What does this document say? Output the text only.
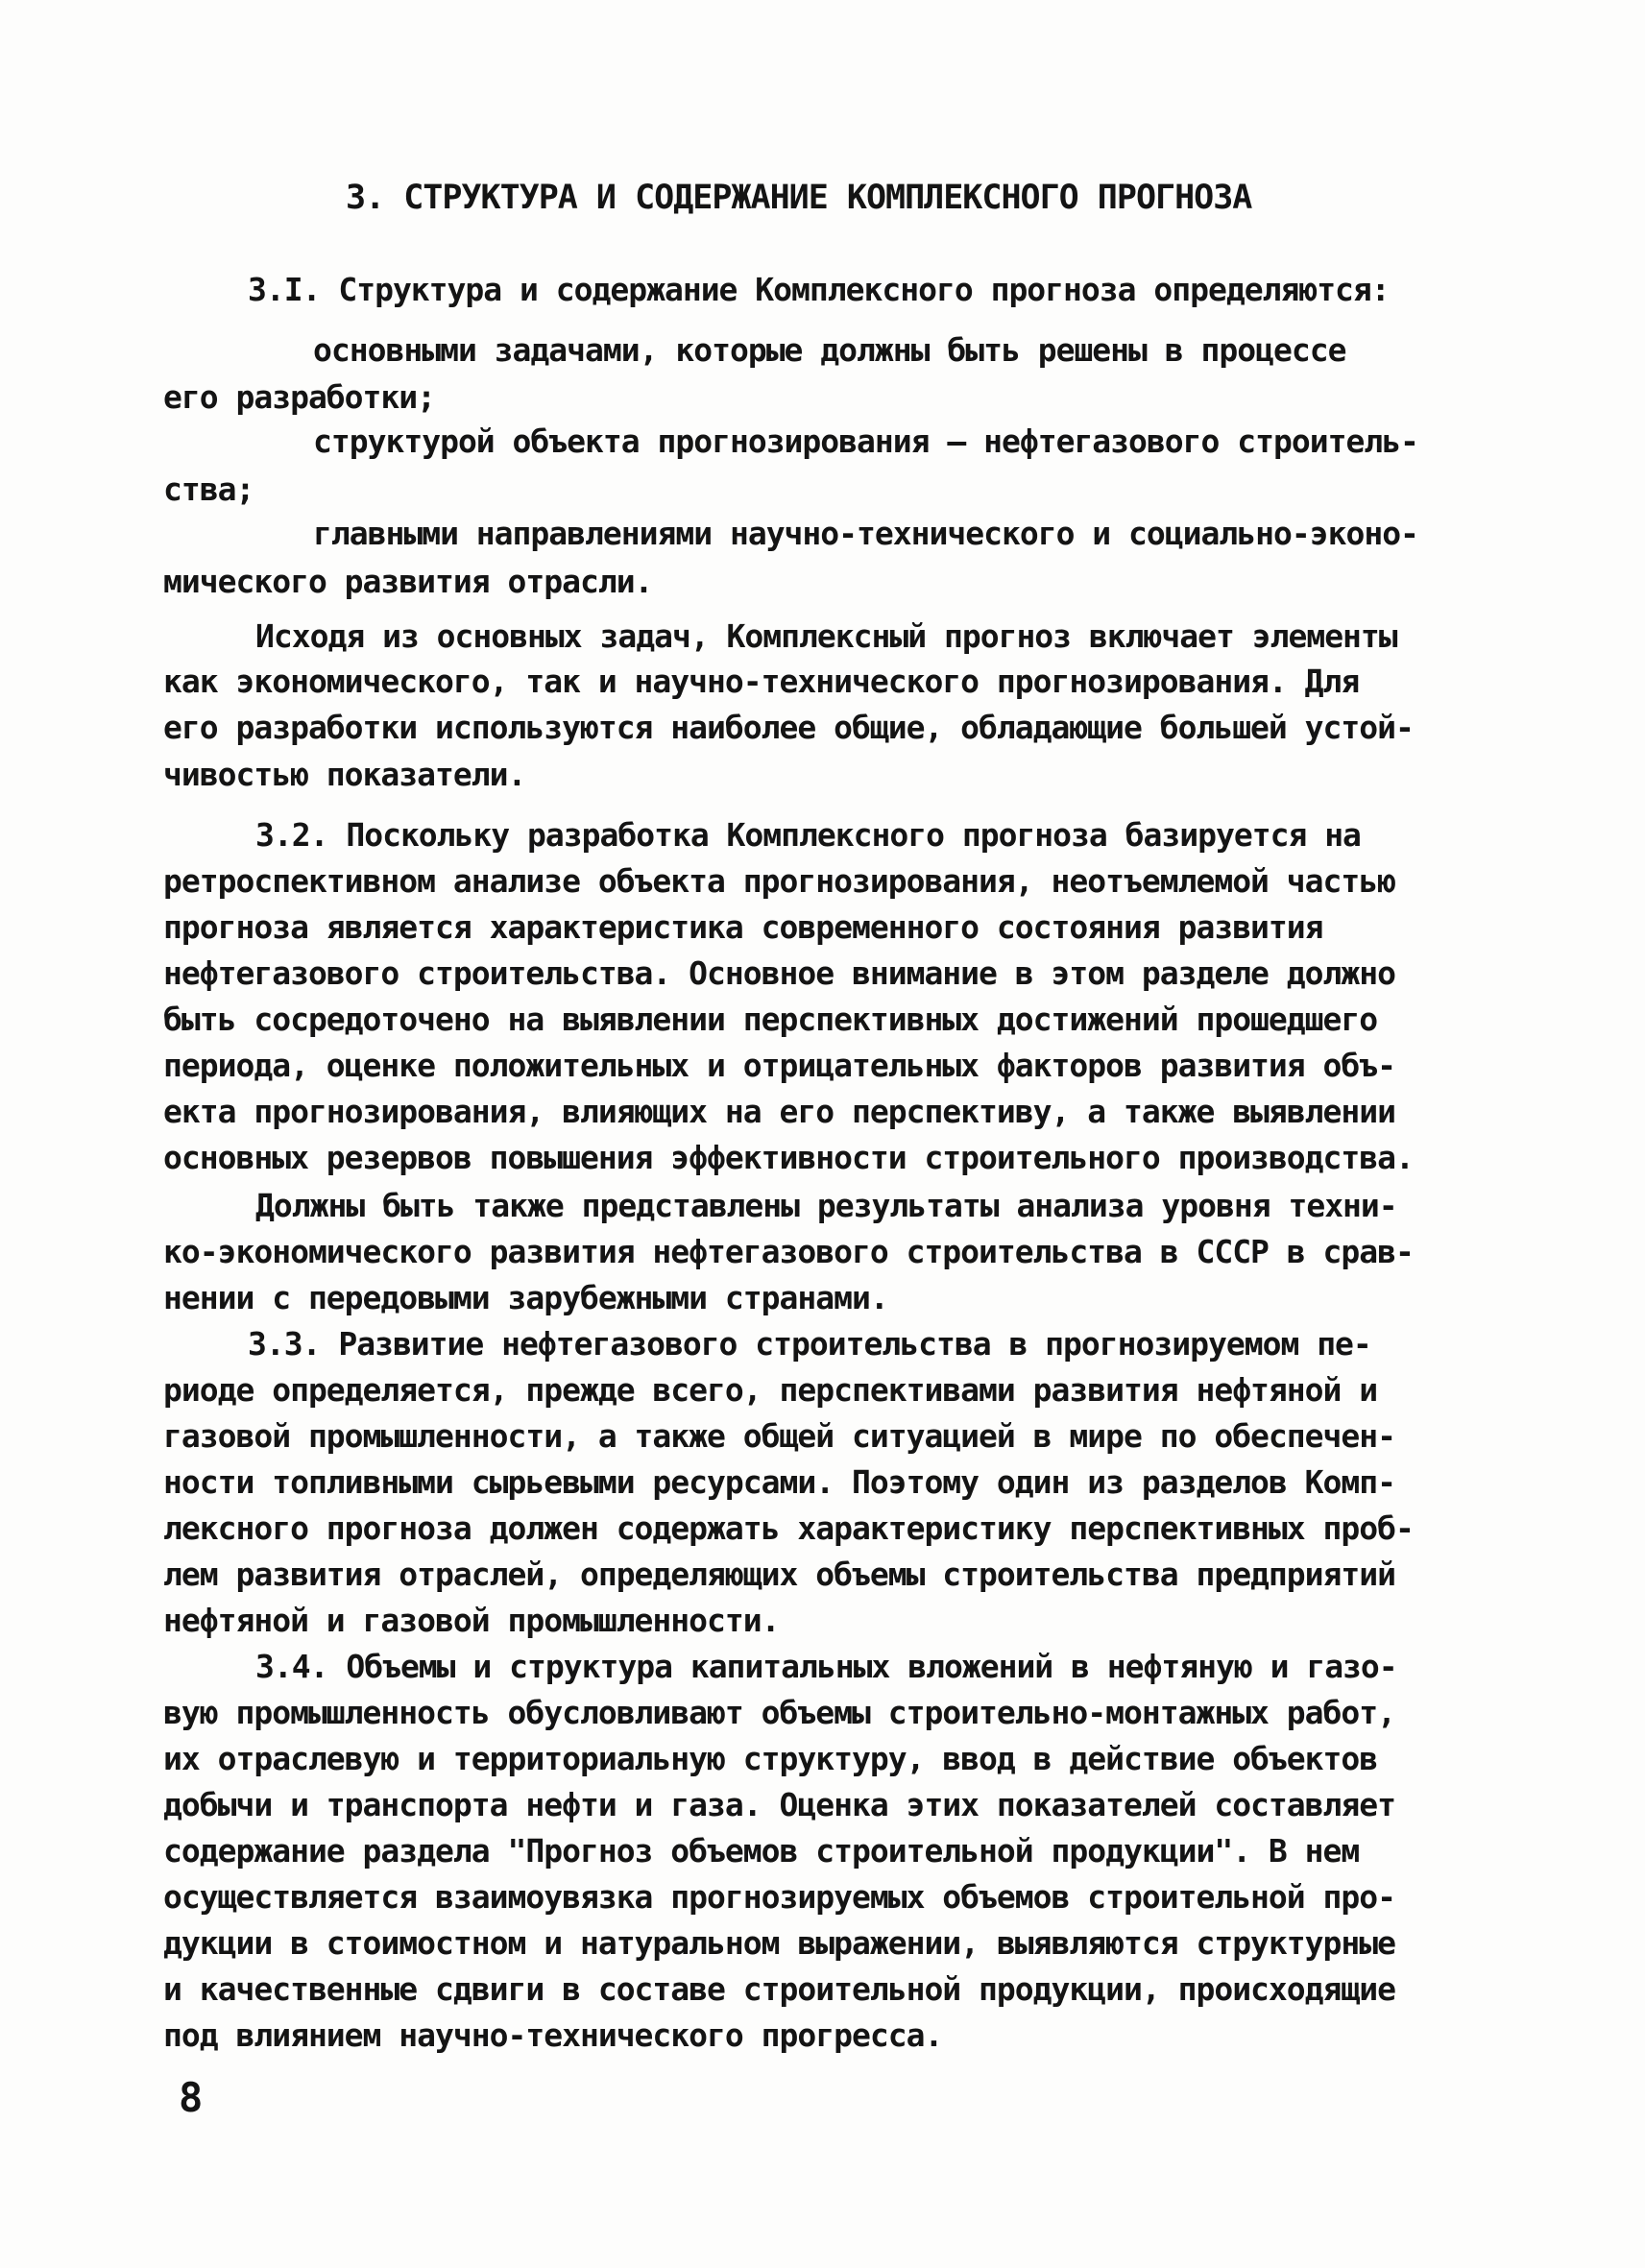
3. СТРУКТУРА И СОДЕРЖАНИЕ КОМПЛЕКСНОГО ПРОГНОЗА
3.I. Структура и содержание Комплексного прогноза определяются:
основными задачами, которые должны быть решены в процессе
его разработки;
структурой объекта прогнозирования – нефтегазового строитель-
ства;
главными направлениями научно-технического и социально-эконо-
мического развития отрасли.
Исходя из основных задач, Комплексный прогноз включает элементы
как экономического, так и научно-технического прогнозирования. Для
его разработки используются наиболее общие, обладающие большей устой-
чивостью показатели.
3.2. Поскольку разработка Комплексного прогноза базируется на
ретроспективном анализе объекта прогнозирования, неотъемлемой частью
прогноза является характеристика современного состояния развития
нефтегазового строительства. Основное внимание в этом разделе должно
быть сосредоточено на выявлении перспективных достижений прошедшего
периода, оценке положительных и отрицательных факторов развития объ-
екта прогнозирования, влияющих на его перспективу, а также выявлении
основных резервов повышения эффективности строительного производства.
Должны быть также представлены результаты анализа уровня техни-
ко-экономического развития нефтегазового строительства в СССР в срав-
нении с передовыми зарубежными странами.
3.3. Развитие нефтегазового строительства в прогнозируемом пе-
риоде определяется, прежде всего, перспективами развития нефтяной и
газовой промышленности, а также общей ситуацией в мире по обеспечен-
ности топливными сырьевыми ресурсами. Поэтому один из разделов Комп-
лексного прогноза должен содержать характеристику перспективных проб-
лем развития отраслей, определяющих объемы строительства предприятий
нефтяной и газовой промышленности.
3.4. Объемы и структура капитальных вложений в нефтяную и газо-
вую промышленность обусловливают объемы строительно-монтажных работ,
их отраслевую и территориальную структуру, ввод в действие объектов
добычи и транспорта нефти и газа. Оценка этих показателей составляет
содержание раздела "Прогноз объемов строительной продукции". В нем
осуществляется взаимоувязка прогнозируемых объемов строительной про-
дукции в стоимостном и натуральном выражении, выявляются структурные
и качественные сдвиги в составе строительной продукции, происходящие
под влиянием научно-технического прогресса.
8
